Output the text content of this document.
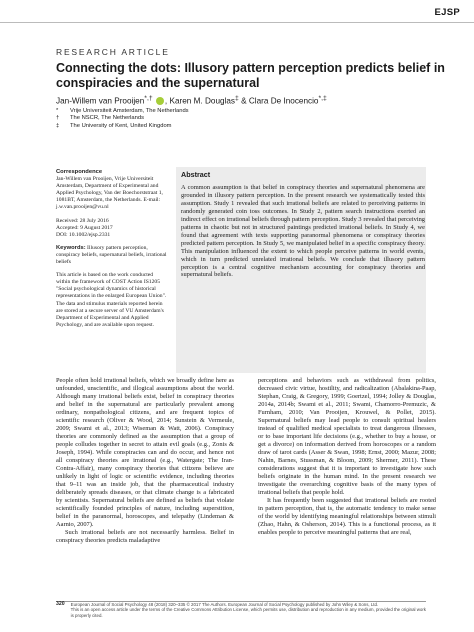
EJSP
RESEARCH ARTICLE
Connecting the dots: Illusory pattern perception predicts belief in conspiracies and the supernatural
Jan-Willem van Prooijen*,† , Karen M. Douglas‡ & Clara De Inocencio*,‡
*	Vrije Universiteit Amsterdam, The Netherlands
†	The NSCR, The Netherlands
‡	The University of Kent, United Kingdom

Correspondence
Jan-Willem van Prooijen, Vrije Universiteit Amsterdam, Department of Experimental and Applied Psychology, Van der Boechorststraat 1, 1081BT, Amsterdam, the Netherlands. E-mail: j.w.van.prooijen@vu.nl

Received: 28 July 2016
Accepted: 9 August 2017
DOI: 10.1002/ejsp.2331

Keywords: Illusory pattern perception, conspiracy beliefs, supernatural beliefs, irrational beliefs

This article is based on the work conducted within the framework of COST Action IS1205 "Social psychological dynamics of historical representations in the enlarged European Union". The data and stimulus materials reported herein are stored at a secure server of VU Amsterdam's Department of Experimental and Applied Psychology, and are available upon request.

Abstract

A common assumption is that belief in conspiracy theories and supernatural phenomena are grounded in illusory pattern perception. In the present research we systematically tested this assumption. Study 1 revealed that such irrational beliefs are related to perceiving patterns in randomly generated coin toss outcomes. In Study 2, pattern search instructions exerted an indirect effect on irrational beliefs through pattern perception. Study 3 revealed that perceiving patterns in chaotic but not in structured paintings predicted irrational beliefs. In Study 4, we found that agreement with texts supporting paranormal phenomena or conspiracy theories predicted pattern perception. In Study 5, we manipulated belief in a specific conspiracy theory. This manipulation influenced the extent to which people perceive patterns in world events, which in turn predicted unrelated irrational beliefs. We conclude that illusory pattern perception is a central cognitive mechanism accounting for conspiracy theories and supernatural beliefs.

People often hold irrational beliefs, which we broadly define here as unfounded, unscientific, and illogical assumptions about the world. Although many irrational beliefs exist, belief in conspiracy theories and belief in the supernatural are particularly prevalent among ordinary, nonpathological citizens, and are frequent topics of scientific research (Oliver & Wood, 2014; Sunstein & Vermeule, 2009; Swami et al., 2013; Wiseman & Watt, 2006). Conspiracy theories are commonly defined as the assumption that a group of people colludes together in secret to attain evil goals (e.g., Zonis & Joseph, 1994). While conspiracies can and do occur, and hence not all conspiracy theories are irrational (e.g., Watergate; The Iran-Contra-Affair), many conspiracy theories that citizens believe are unlikely in light of logic or scientific evidence, including theories that 9–11 was an inside job, that the pharmaceutical industry deliberately spreads diseases, or that climate change is a fabricated by scientists. Supernatural beliefs are defined as beliefs that violate scientifically founded principles of nature, including superstition, belief in the paranormal, horoscopes, and telepathy (Lindeman & Aarnio, 2007).

Such irrational beliefs are not necessarily harmless. Belief in conspiracy theories predicts maladaptive

perceptions and behaviors such as withdrawal from politics, decreased civic virtue, hostility, and radicalization (Abalakina-Paap, Stephan, Craig, & Gregory, 1999; Goertzel, 1994; Jolley & Douglas, 2014a, 2014b; Swami et al., 2011; Swami, Chamorro-Premuzic, & Furnham, 2010; Van Prooijen, Krouwel, & Pollet, 2015). Supernatural beliefs may lead people to consult spiritual healers instead of qualified medical specialists to treat dangerous illnesses, or to base important life decisions (e.g., whether to buy a house, or get a divorce) on information derived from horoscopes or a random draw of tarot cards (Asser & Swan, 1998; Ernst, 2000; Mazur, 2008; Nahin, Barnes, Stussman, & Bloom, 2009; Shermer, 2011). These considerations suggest that it is important to investigate how such beliefs originate in the human mind. In the present research we investigate the overarching cognitive basis of the many types of irrational beliefs that people hold.

It has frequently been suggested that irrational beliefs are rooted in pattern perception, that is, the automatic tendency to make sense of the world by identifying meaningful relationships between stimuli (Zhao, Hahn, & Osherson, 2014). This is a functional process, as it enables people to perceive meaningful patterns that are real,

320 European Journal of Social Psychology 48 (2018) 320–335 © 2017 The Authors. European Journal of Social Psychology published by John Wiley & Sons, Ltd.
This is an open access article under the terms of the Creative Commons Attribution License, which permits use, distribution and reproduction in any medium, provided the original work is properly cited.
